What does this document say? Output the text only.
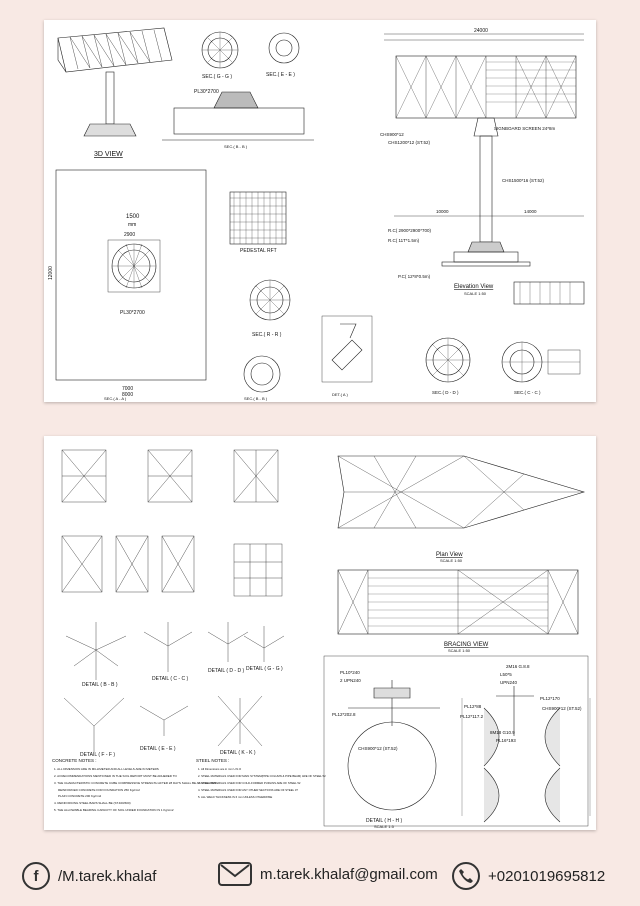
3D VIEW
SEC.( G - G )	SEC.( E - E )
PL30*2700
SEC.( B - B )
1500
mm
2900
PL30*2700
7000
8000
12000
SEC.( A - A )
PEDESTAL RFT
SEC.( R - R )
SEC.( B - B )
DET.( A )
24000
SIGNBOARD SCREEN 24*8m
CHS900*12
CHS1200*12 (ST.52)
CHS1500*16 (ST.52)
10000	14000
R.C( 2900*2900*700)
R.C( 11T*1.5m)
P.C( 12*8*0.5m)
Elevation View
SCALE 1:50
SEC.( D - D )	SEC.( C - C )
DETAIL ( B - B )
DETAIL ( C - C )
DETAIL ( D - D ) DETAIL ( G - G )
DETAIL ( F - F )
DETAIL ( E - E )
DETAIL ( K - K )
CONCRETE NOTES :
1. ALL DIMENSION ARE IN MILLIMETER AND ALL LEVELS ARE IN METERS
2. All RECOMMENDATIONS MENTIONED IN THE SOIL REPORT MUST BE ADHERED TO
3. THE CHARACTERISTIC CONCRETE CUBE COMPRESSIVE STRENGTH AFTER 28 DAYS SHALL BE AS FOLLOWS
REINFORCED CONCRETE FOR FOUNDATION 250 Kg/cm2
PLAIN CONCRETE 200 Kg/cm2
4. REINFORCING STEEL BARS SHALL BE (ST.400/600)
5. THE ALLOWABLE BEARING CAPACITY OF SOIL UNDER FOUNDATION IS 1 Kg/cm2
STEEL NOTES :
1. All Dimensions are in mm U.N.O
2. STEEL MATERIALS USED FOR MAIN SYSTEM(PIPE COLUMN & PIPE BEAM) ARE OF STEEL 52
3. STEEL MATERIALS USED FOR COLD-FORMED PURLINS ARE OF STEEL 52
4. STEEL MATERIALS USED FOR ANY OTHER SECTIONS ARE OF STEEL 37
5. ALL WELD THICKNESS IS 6 mm UNLESS OTHERWISE
Plan View
SCALE 1:50
BRACING VIEW
SCALE 1:50
PL10*240
2 UPN240
PL12*202.8
CHS900*12 (ST.52)
DETAIL ( H - H )
SCALE 1:5
2M16 G.8.8
L50*5
UPN240
PL12*88
PL12*117.2
PL12*170
CHS900*12 (ST.52)
8M18 G10.9
PL16*193
f /M.tarek.khalaf	m.tarek.khalaf@gmail.com	+0201019695812
